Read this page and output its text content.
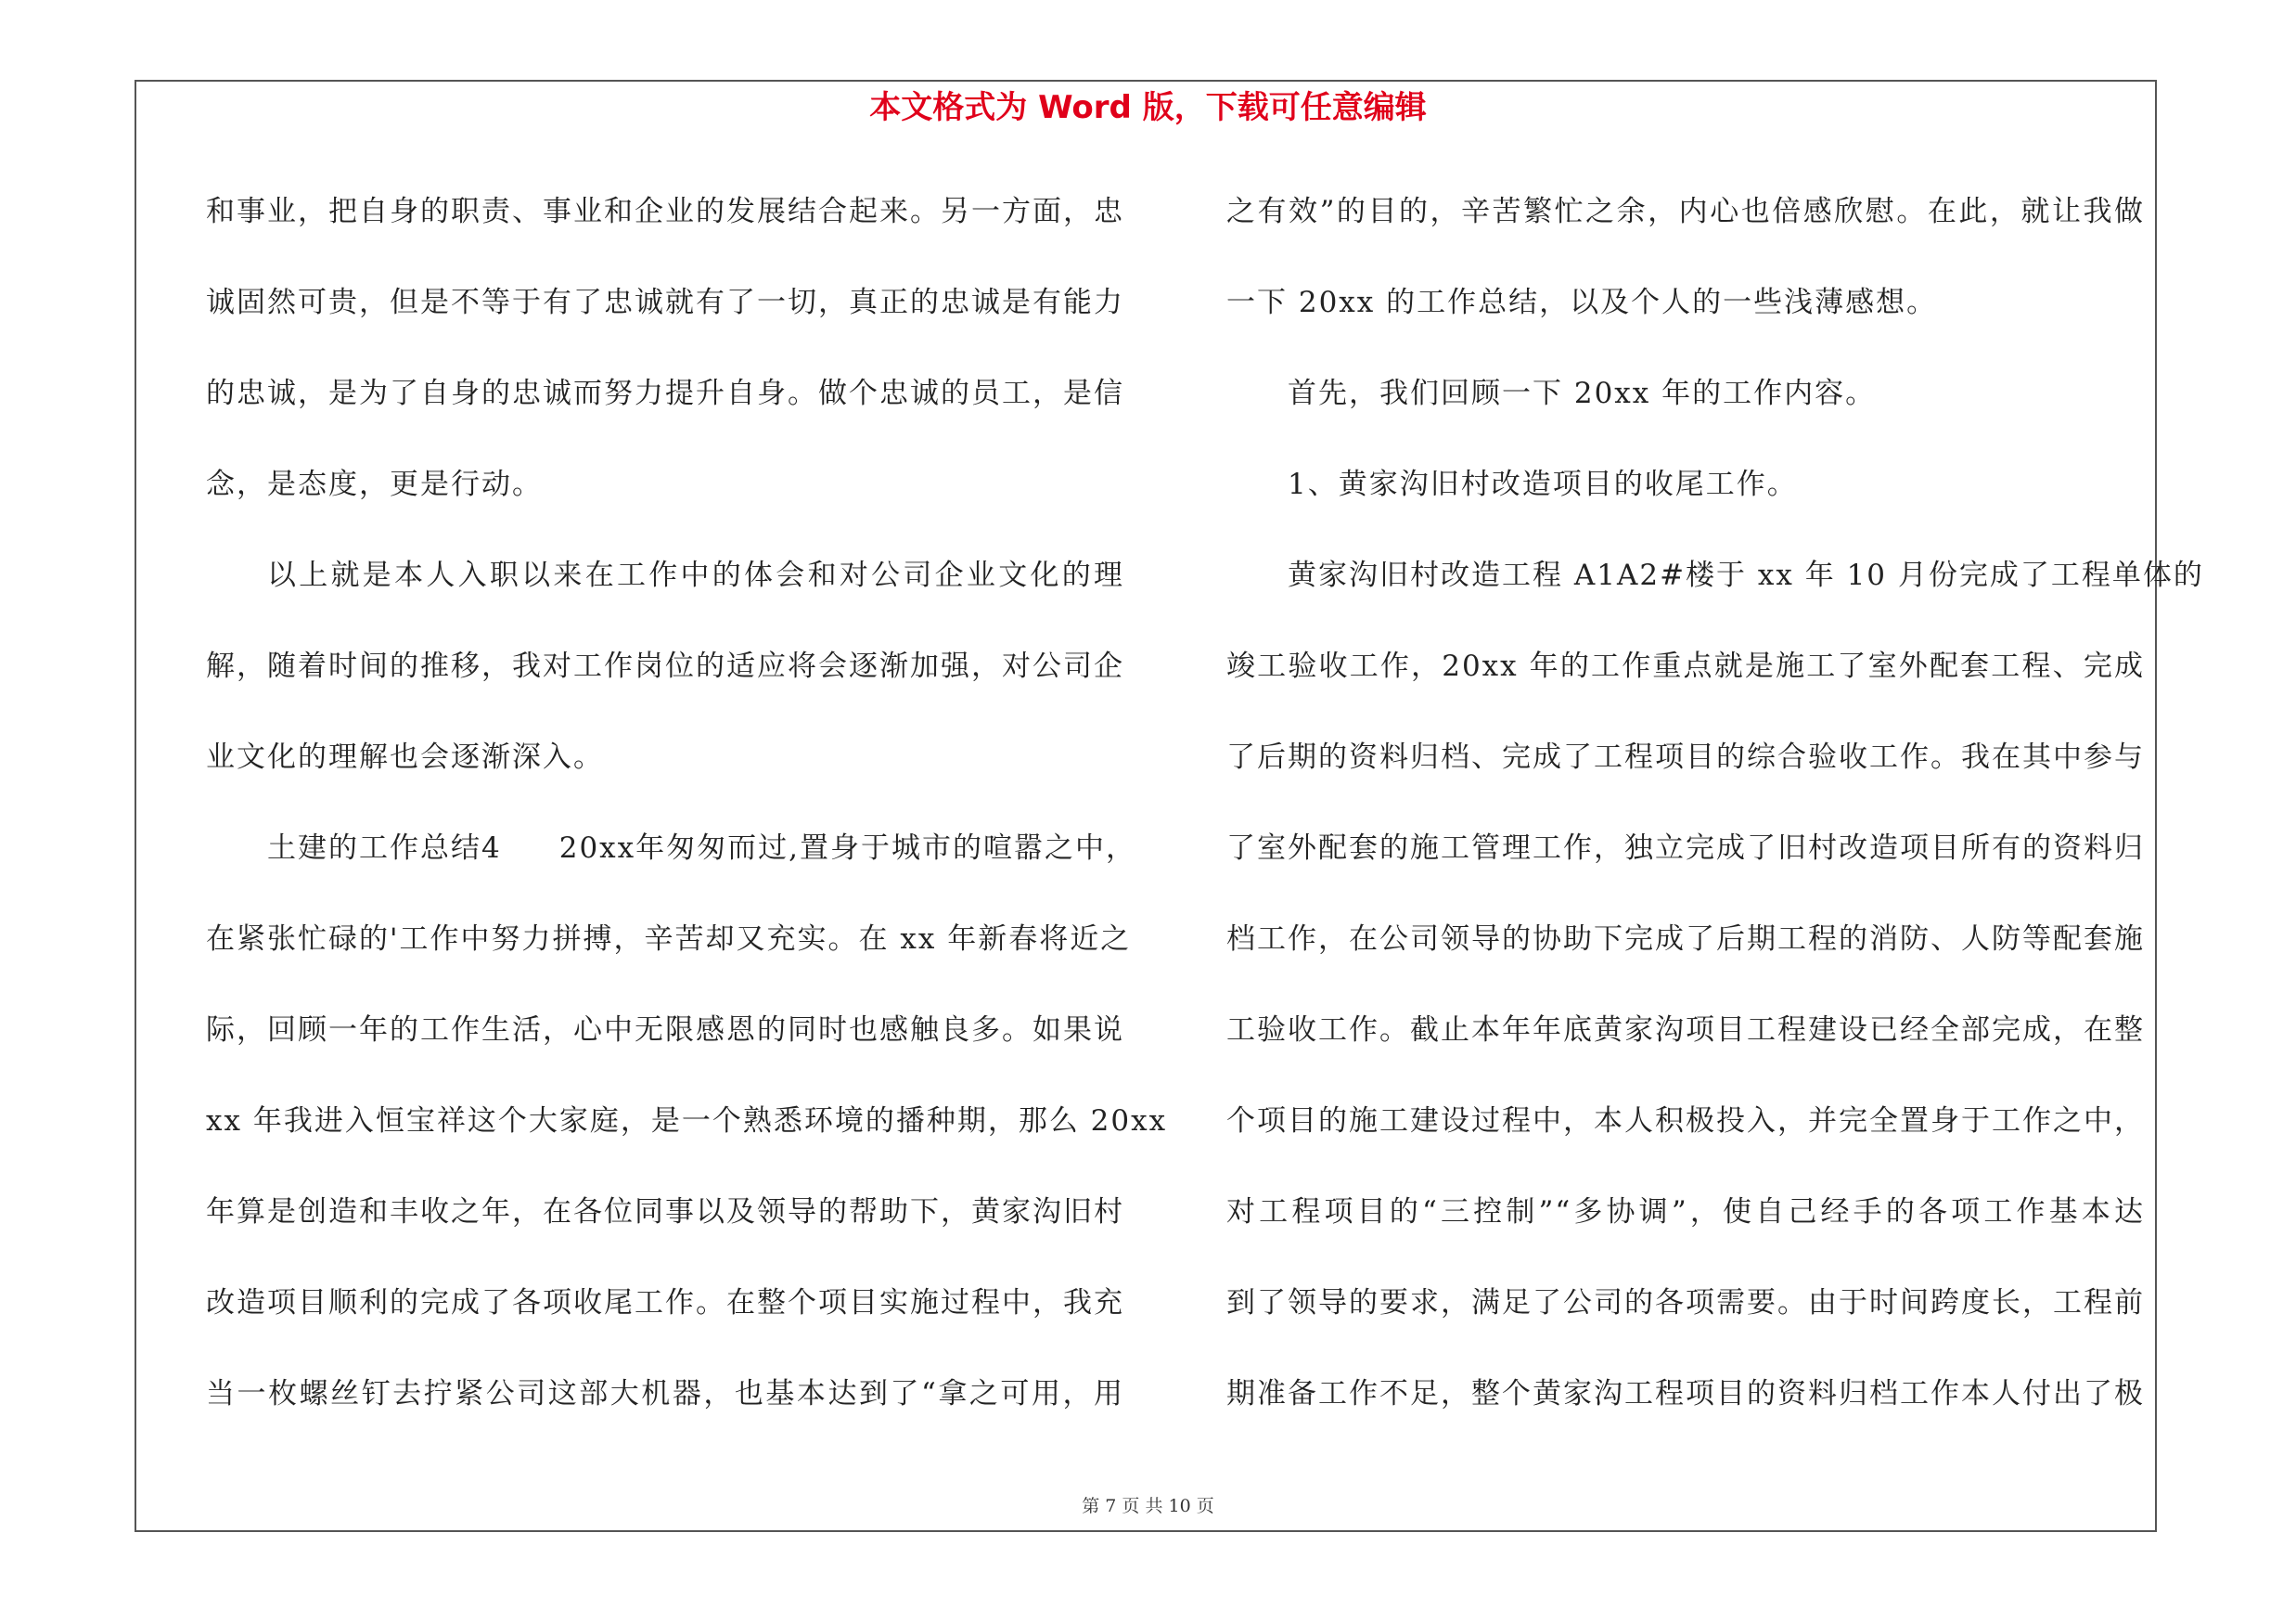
本文格式为 Word 版，下载可任意编辑
和事业，把自身的职责、事业和企业的发展结合起来。另一方面，忠
诚固然可贵，但是不等于有了忠诚就有了一切，真正的忠诚是有能力
的忠诚，是为了自身的忠诚而努力提升自身。做个忠诚的员工，是信
念，是态度，更是行动。
以上就是本人入职以来在工作中的体会和对公司企业文化的理
解，随着时间的推移，我对工作岗位的适应将会逐渐加强，对公司企
业文化的理解也会逐渐深入。
土建的工作总结4 20xx年匆匆而过,置身于城市的喧嚣之中，
在紧张忙碌的'工作中努力拼搏，辛苦却又充实。在 xx 年新春将近之
际，回顾一年的工作生活，心中无限感恩的同时也感触良多。如果说
xx 年我进入恒宝祥这个大家庭，是一个熟悉环境的播种期，那么 20xx
年算是创造和丰收之年，在各位同事以及领导的帮助下，黄家沟旧村
改造项目顺利的完成了各项收尾工作。在整个项目实施过程中，我充
当一枚螺丝钉去拧紧公司这部大机器，也基本达到了“拿之可用，用
之有效”的目的，辛苦繁忙之余，内心也倍感欣慰。在此，就让我做
一下 20xx 的工作总结，以及个人的一些浅薄感想。
首先，我们回顾一下 20xx 年的工作内容。
1、黄家沟旧村改造项目的收尾工作。
黄家沟旧村改造工程 A1A2#楼于 xx 年 10 月份完成了工程单体的
竣工验收工作，20xx 年的工作重点就是施工了室外配套工程、完成
了后期的资料归档、完成了工程项目的综合验收工作。我在其中参与
了室外配套的施工管理工作，独立完成了旧村改造项目所有的资料归
档工作，在公司领导的协助下完成了后期工程的消防、人防等配套施
工验收工作。截止本年年底黄家沟项目工程建设已经全部完成，在整
个项目的施工建设过程中，本人积极投入，并完全置身于工作之中，
对工程项目的“三控制”“多协调”，使自己经手的各项工作基本达
到了领导的要求，满足了公司的各项需要。由于时间跨度长，工程前
期准备工作不足，整个黄家沟工程项目的资料归档工作本人付出了极
第 7 页 共 10 页
